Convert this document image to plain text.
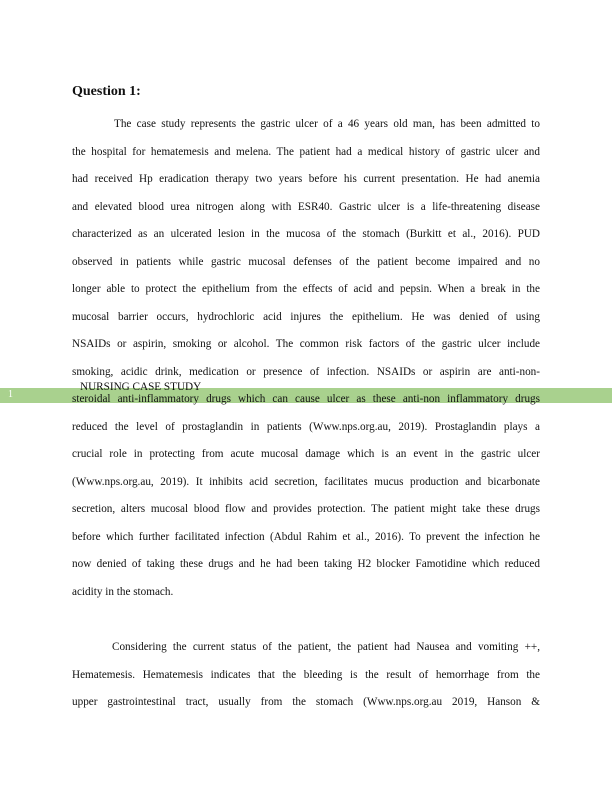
Question 1:
The case study represents the gastric ulcer of a 46 years old man, has been admitted to
the hospital for hematemesis and melena. The patient had a medical history of gastric ulcer and
had received Hp eradication therapy two years before his current presentation. He had anemia
and elevated blood urea nitrogen along with ESR40. Gastric ulcer is a life-threatening disease
characterized as an ulcerated lesion in the mucosa of the stomach (Burkitt et al., 2016). PUD
observed in patients while gastric mucosal defenses of the patient become impaired and no
longer able to protect the epithelium from the effects of acid and pepsin. When a break in the
mucosal barrier occurs, hydrochloric acid injures the epithelium. He was denied of using
NSAIDs or aspirin, smoking or alcohol. The common risk factors of the gastric ulcer include
smoking, acidic drink, medication or presence of infection. NSAIDs or aspirin are anti-non-
1
NURSING CASE STUDY
steroidal anti-inflammatory drugs which can cause ulcer as these anti-non inflammatory drugs
reduced the level of prostaglandin in patients (Www.nps.org.au, 2019). Prostaglandin plays a
crucial role in protecting from acute mucosal damage which is an event in the gastric ulcer
(Www.nps.org.au, 2019). It inhibits acid secretion, facilitates mucus production and bicarbonate
secretion, alters mucosal blood flow and provides protection. The patient might take these drugs
before which further facilitated infection (Abdul Rahim et al., 2016). To prevent the infection he
now denied of taking these drugs and he had been taking H2 blocker Famotidine which reduced
acidity in the stomach.
Considering the current status of the patient, the patient had Nausea and vomiting ++,
Hematemesis. Hematemesis indicates that the bleeding is the result of hemorrhage from the
upper gastrointestinal tract, usually from the stomach (Www.nps.org.au 2019, Hanson &
